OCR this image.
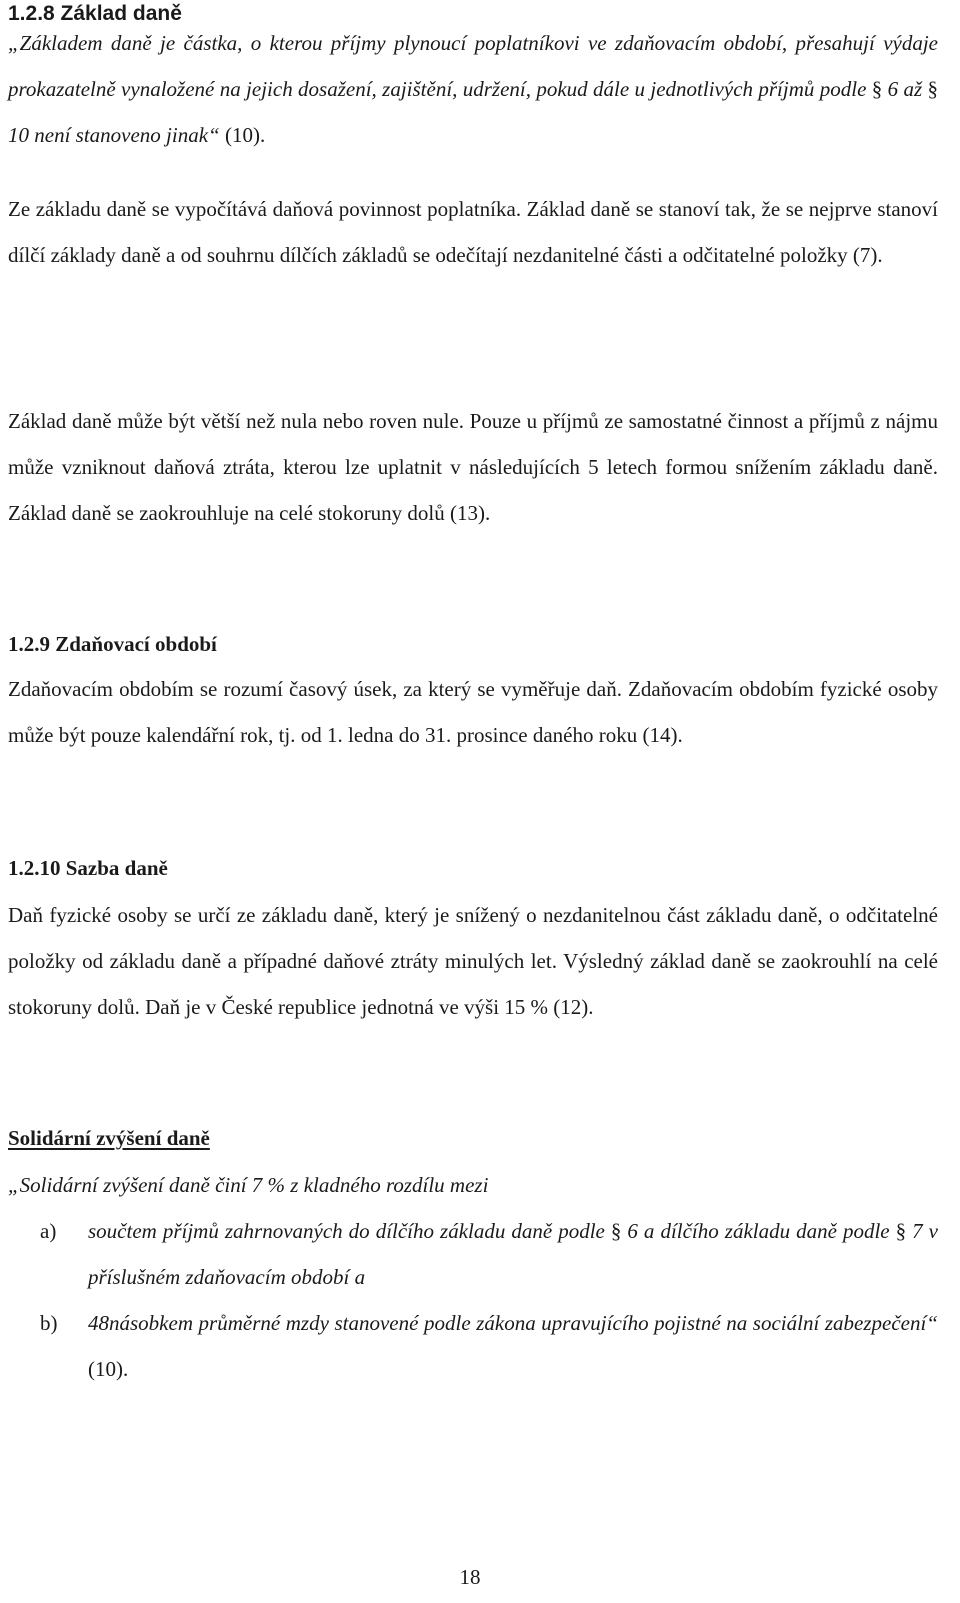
1.2.8 Základ daně

„Základem daně je částka, o kterou příjmy plynoucí poplatníkovi ve zdaňovacím období, přesahují výdaje prokazatelně vynaložené na jejich dosažení, zajištění, udržení, pokud dále u jednotlivých příjmů podle § 6 až § 10 není stanoveno jinak“ (10).

Ze základu daně se vypočítává daňová povinnost poplatníka. Základ daně se stanoví tak, že se nejprve stanoví dílčí základy daně a od souhrnu dílčích základů se odečítají nezdanitelné části a odčitatelné položky (7).

Základ daně může být větší než nula nebo roven nule. Pouze u příjmů ze samostatné činnost a příjmů z nájmu může vzniknout daňová ztráta, kterou lze uplatnit v následujících 5 letech formou snížením základu daně. Základ daně se zaokrouhluje na celé stokoruny dolů (13).

1.2.9 Zdaňovací období

Zdaňovacím obdobím se rozumí časový úsek, za který se vyměřuje daň. Zdaňovacím obdobím fyzické osoby může být pouze kalendářní rok, tj. od 1. ledna do 31. prosince daného roku (14).

1.2.10 Sazba daně

Daň fyzické osoby se určí ze základu daně, který je snížený o nezdanitelnou část základu daně, o odčitatelné položky od základu daně a případné daňové ztráty minulých let. Výsledný základ daně se zaokrouhlí na celé stokoruny dolů. Daň je v České republice jednotná ve výši 15 % (12).

Solidární zvýšení daně

„Solidární zvýšení daně činí 7 % z kladného rozdílu mezi

a) součtem příjmů zahrnovaných do dílčího základu daně podle § 6 a dílčího základu daně podle § 7 v příslušném zdaňovacím období a
b) 48násobkem průměrné mzdy stanovené podle zákona upravujícího pojistné na sociální zabezpečení“ (10).
18
